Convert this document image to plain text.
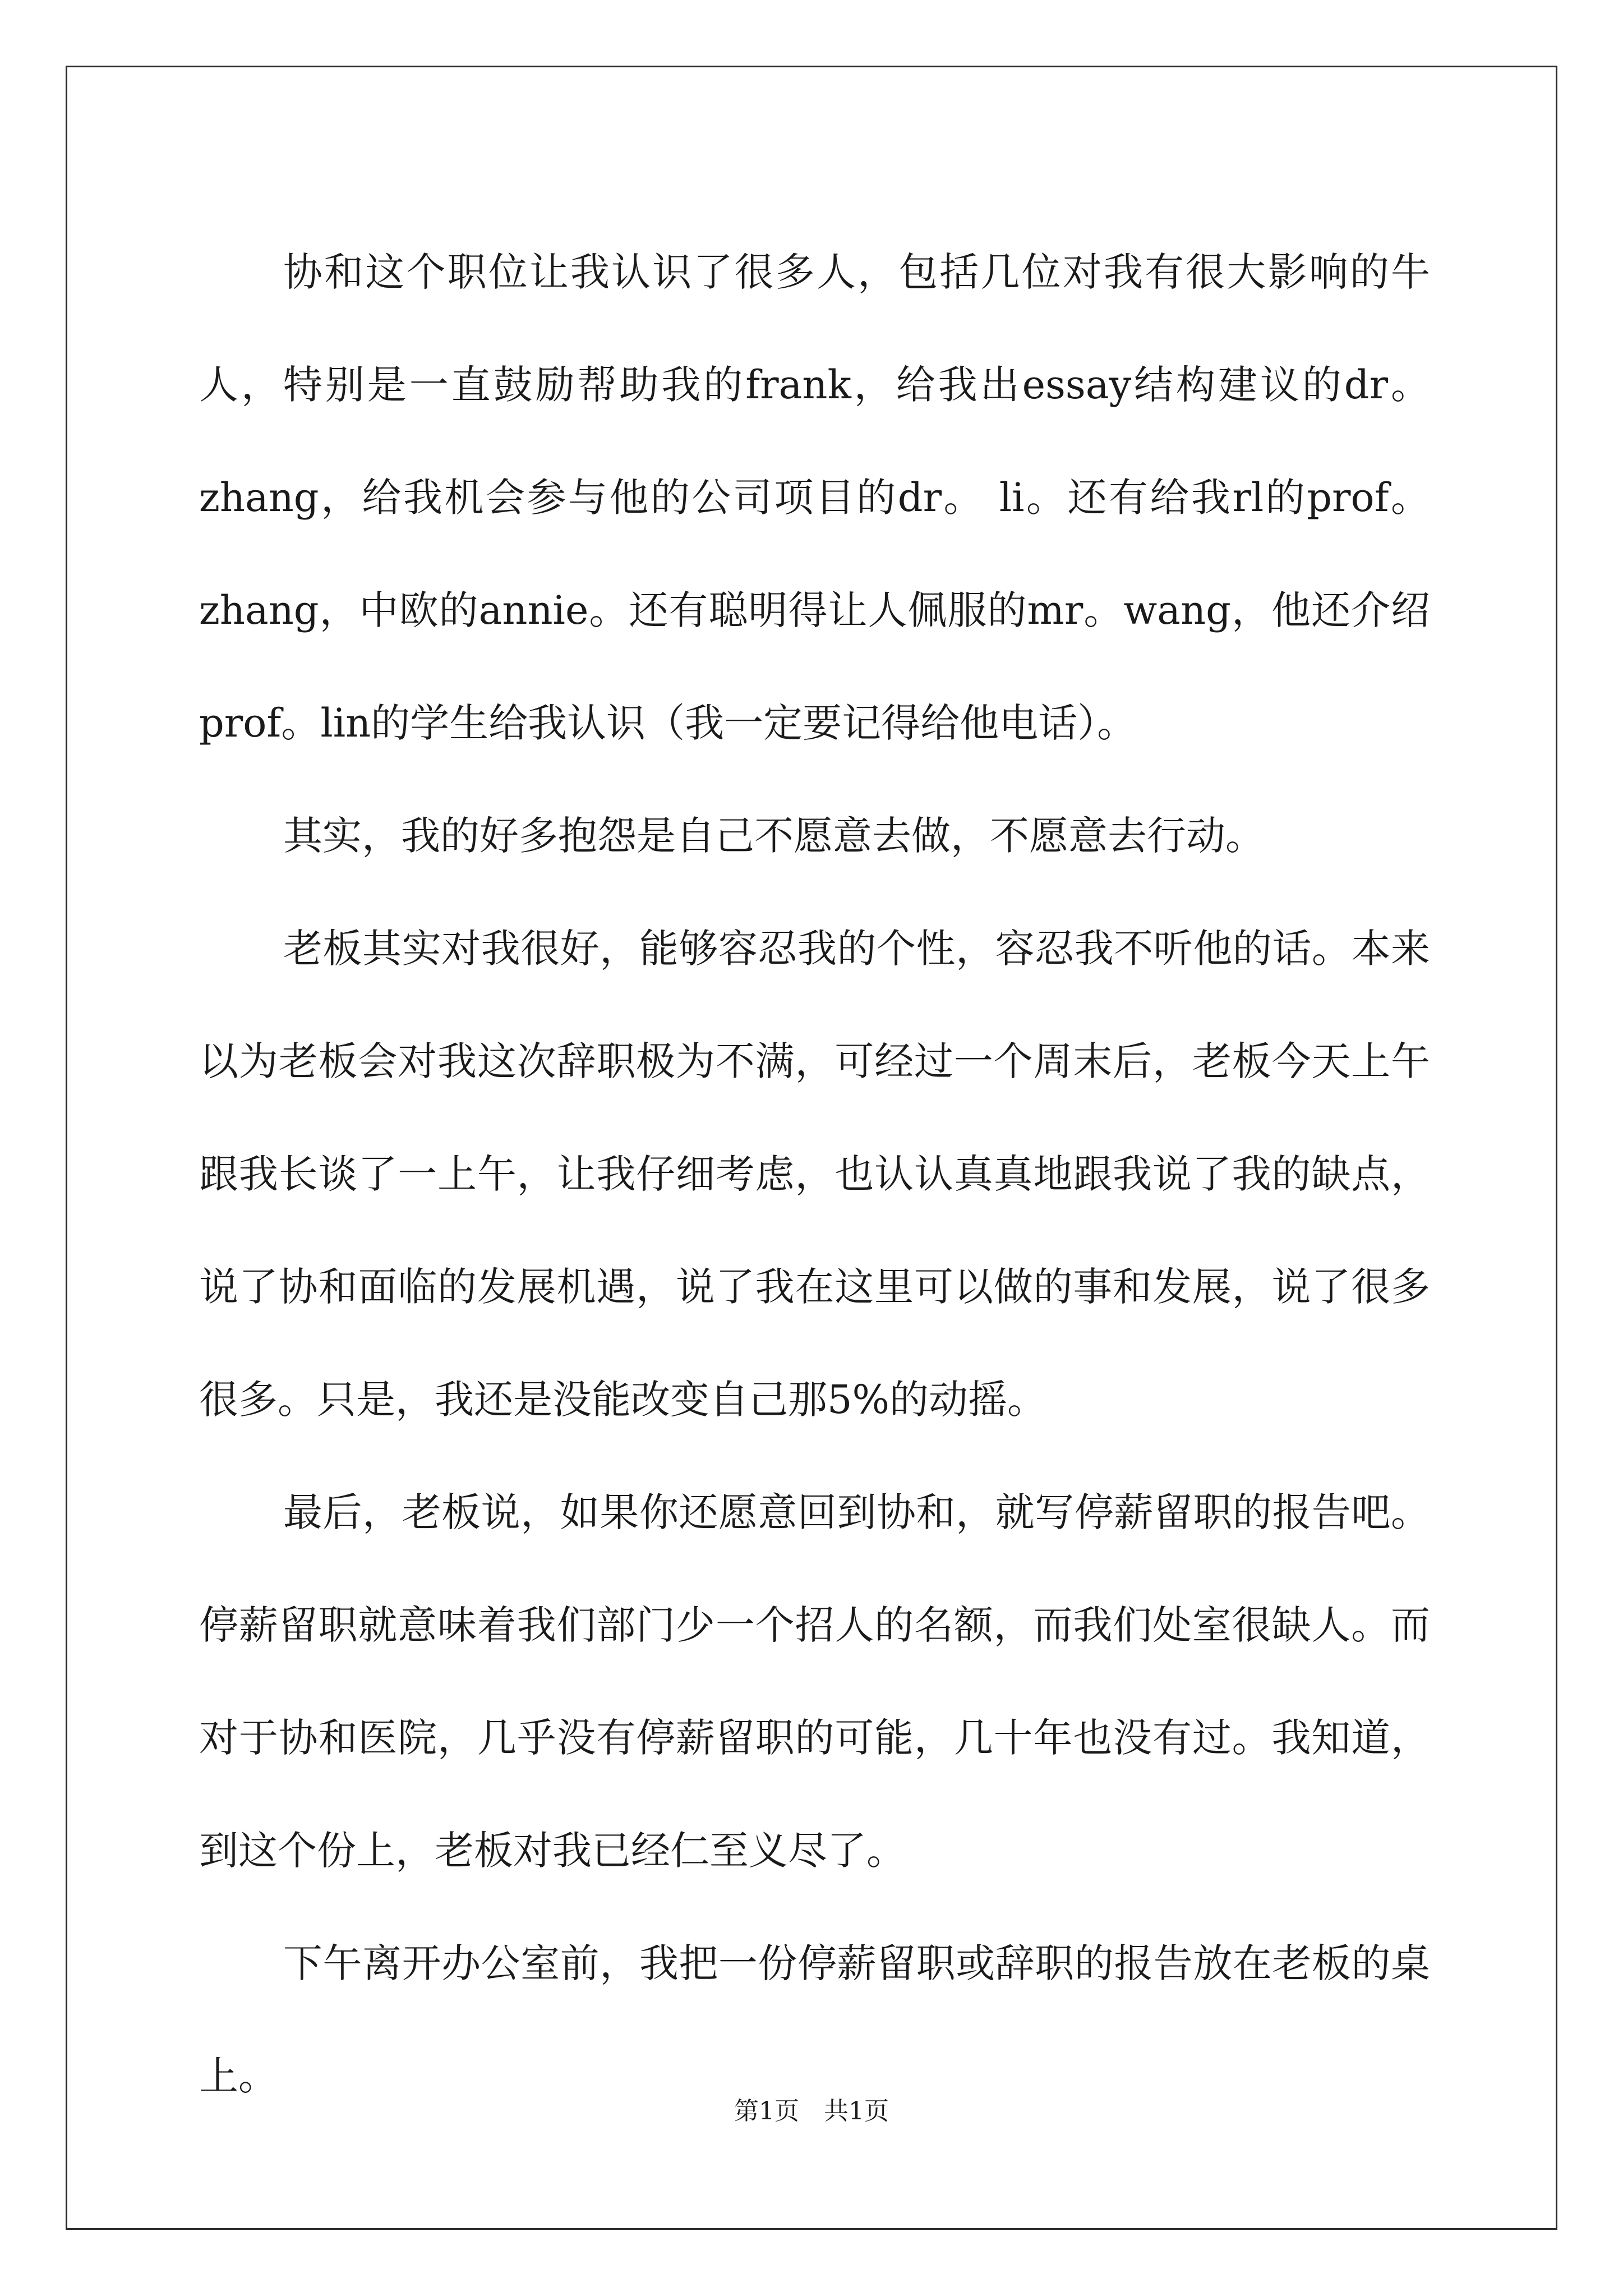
协和这个职位让我认识了很多人，包括几位对我有很大影响的牛人，特别是一直鼓励帮助我的frank，给我出essay结构建议的dr。zhang，给我机会参与他的公司项目的dr。 li。还有给我rl的prof。zhang，中欧的annie。还有聪明得让人佩服的mr。wang，他还介绍prof。lin的学生给我认识（我一定要记得给他电话）。

其实，我的好多抱怨是自己不愿意去做，不愿意去行动。

老板其实对我很好，能够容忍我的个性，容忍我不听他的话。本来以为老板会对我这次辞职极为不满，可经过一个周末后，老板今天上午跟我长谈了一上午，让我仔细考虑，也认认真真地跟我说了我的缺点，说了协和面临的发展机遇，说了我在这里可以做的事和发展，说了很多很多。只是，我还是没能改变自己那5%的动摇。

最后，老板说，如果你还愿意回到协和，就写停薪留职的报告吧。停薪留职就意味着我们部门少一个招人的名额，而我们处室很缺人。而对于协和医院，几乎没有停薪留职的可能，几十年也没有过。我知道，到这个份上，老板对我已经仁至义尽了。

下午离开办公室前，我把一份停薪留职或辞职的报告放在老板的桌上。

第1页　共1页
